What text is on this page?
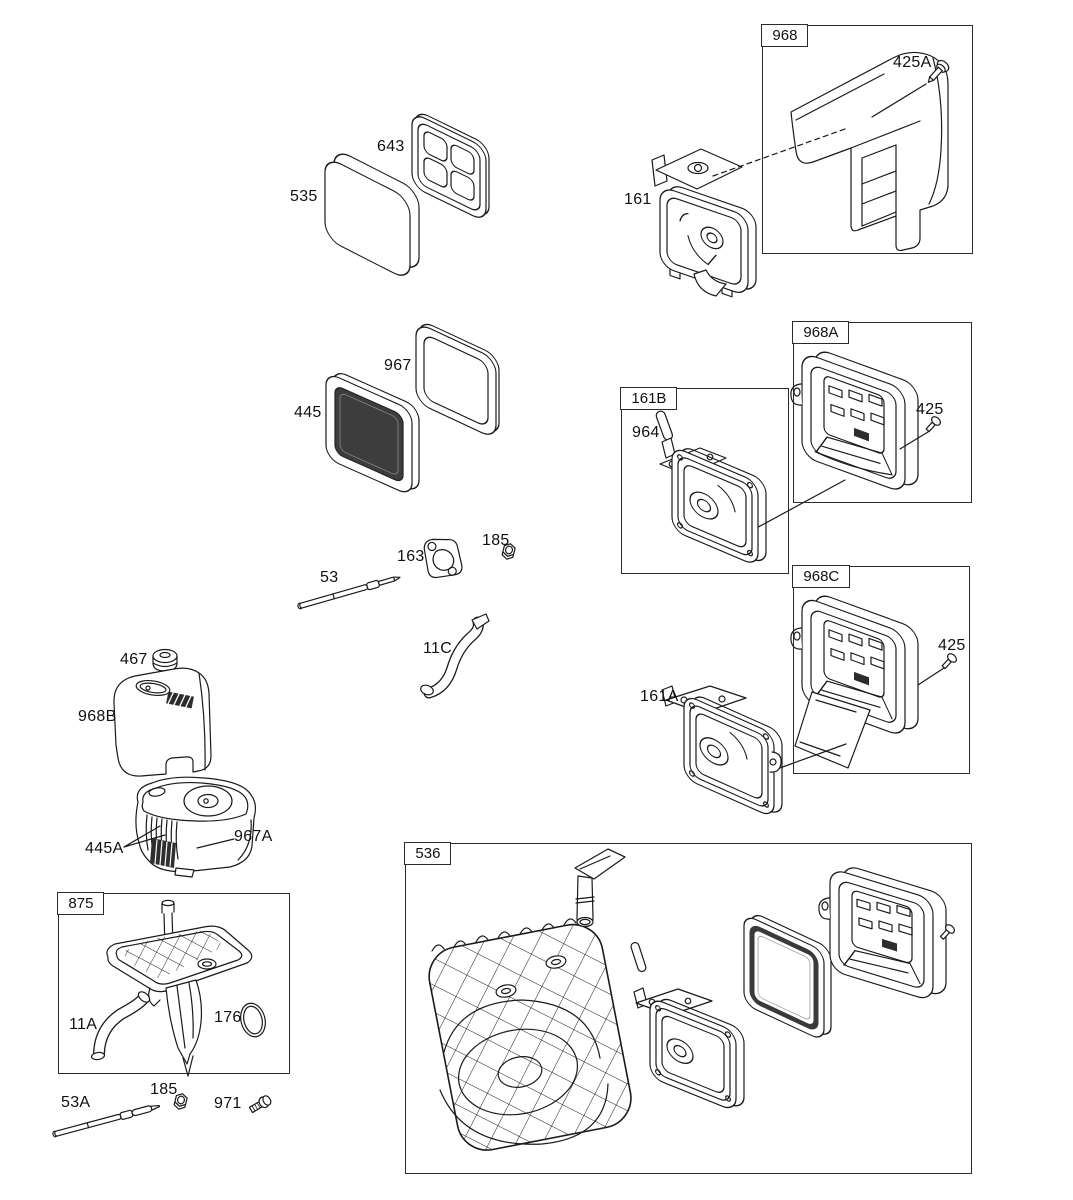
968
968A
161B
968C
875
536
643
535
425A
161
425
964
967
445
163
185
53
11C
467
968B
425
161A
445A
967A
11A	176
53A
185
971
